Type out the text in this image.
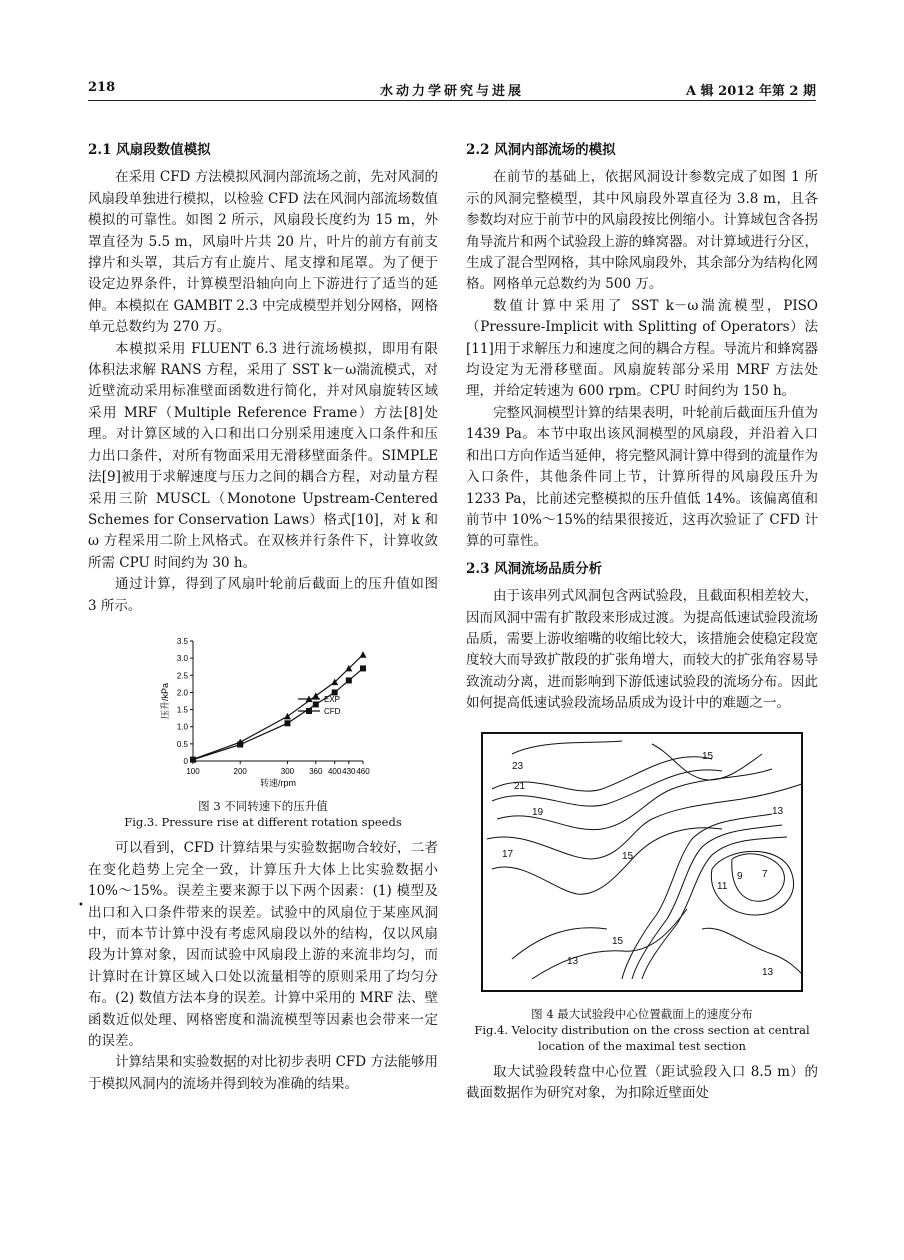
218	水动力学研究与进展	A 辑 2012 年第 2 期
2.1 风扇段数值模拟

在采用 CFD 方法模拟风洞内部流场之前，先对风洞的风扇段单独进行模拟，以检验 CFD 法在风洞内部流场数值模拟的可靠性。如图 2 所示，风扇段长度约为 15 m，外罩直径为 5.5 m，风扇叶片共 20 片，叶片的前方有前支撑片和头罩，其后方有止旋片、尾支撑和尾罩。为了便于设定边界条件，计算模型沿轴向向上下游进行了适当的延伸。本模拟在 GAMBIT 2.3 中完成模型并划分网格，网格单元总数约为 270 万。

本模拟采用 FLUENT 6.3 进行流场模拟，即用有限体积法求解 RANS 方程，采用了 SST k－ω湍流模式，对近壁流动采用标准壁面函数进行简化，并对风扇旋转区域采用 MRF（Multiple Reference Frame）方法[8]处理。对计算区域的入口和出口分别采用速度入口条件和压力出口条件，对所有物面采用无滑移壁面条件。SIMPLE 法[9]被用于求解速度与压力之间的耦合方程，对动量方程采用三阶 MUSCL（Monotone Upstream-Centered Schemes for Conservation Laws）格式[10]，对 k 和 ω 方程采用二阶上风格式。在双核并行条件下，计算收敛所需 CPU 时间约为 30 h。

通过计算，得到了风扇叶轮前后截面上的压升值如图 3 所示。

100	200	300 360 400 430 460
0
0.5
1.0
1.5
2.0
2.5
3.0
3.5
转速/rpm
压升/kPa	EXP
CFD
图 3 不同转速下的压升值
Fig.3. Pressure rise at different rotation speeds

可以看到，CFD 计算结果与实验数据吻合较好，二者在变化趋势上完全一致，计算压升大体上比实验数据小 10%～15%。误差主要来源于以下两个因素：(1) 模型及出口和入口条件带来的误差。试验中的风扇位于某座风洞中，而本节计算中没有考虑风扇段以外的结构，仅以风扇段为计算对象，因而试验中风扇段上游的来流非均匀，而计算时在计算区域入口处以流量相等的原则采用了均匀分布。(2) 数值方法本身的误差。计算中采用的 MRF 法、壁函数近似处理、网格密度和湍流模型等因素也会带来一定的误差。

计算结果和实验数据的对比初步表明 CFD 方法能够用于模拟风洞内的流场并得到较为准确的结果。

2.2 风洞内部流场的模拟

在前节的基础上，依据风洞设计参数完成了如图 1 所示的风洞完整模型，其中风扇段外罩直径为 3.8 m，且各参数均对应于前节中的风扇段按比例缩小。计算域包含各拐角导流片和两个试验段上游的蜂窝器。对计算域进行分区，生成了混合型网格，其中除风扇段外，其余部分为结构化网格。网格单元总数约为 500 万。

数值计算中采用了 SST k－ω湍流模型，PISO（Pressure-Implicit with Splitting of Operators）法[11]用于求解压力和速度之间的耦合方程。导流片和蜂窝器均设定为无滑移壁面。风扇旋转部分采用 MRF 方法处理，并给定转速为 600 rpm。CPU 时间约为 150 h。

完整风洞模型计算的结果表明，叶轮前后截面压升值为 1439 Pa。本节中取出该风洞模型的风扇段，并沿着入口和出口方向作适当延伸，将完整风洞计算中得到的流量作为入口条件，其他条件同上节，计算所得的风扇段压升为 1233 Pa，比前述完整模拟的压升值低 14%。该偏离值和前节中 10%～15%的结果很接近，这再次验证了 CFD 计算的可靠性。

2.3 风洞流场品质分析

由于该串列式风洞包含两试验段，且截面积相差较大，因而风洞中需有扩散段来形成过渡。为提高低速试验段流场品质，需要上游收缩嘴的收缩比较大，该措施会使稳定段宽度较大而导致扩散段的扩张角增大，而较大的扩张角容易导致流动分离，进而影响到下游低速试验段的流场分布。因此如何提高低速试验段流场品质成为设计中的难题之一。

23
21
19
17
15
15
13
13
11
9 7
15
13
图 4 最大试验段中心位置截面上的速度分布
Fig.4. Velocity distribution on the cross section at central location of the maximal test section

取大试验段转盘中心位置（距试验段入口 8.5 m）的截面数据作为研究对象，为扣除近壁面处

•
